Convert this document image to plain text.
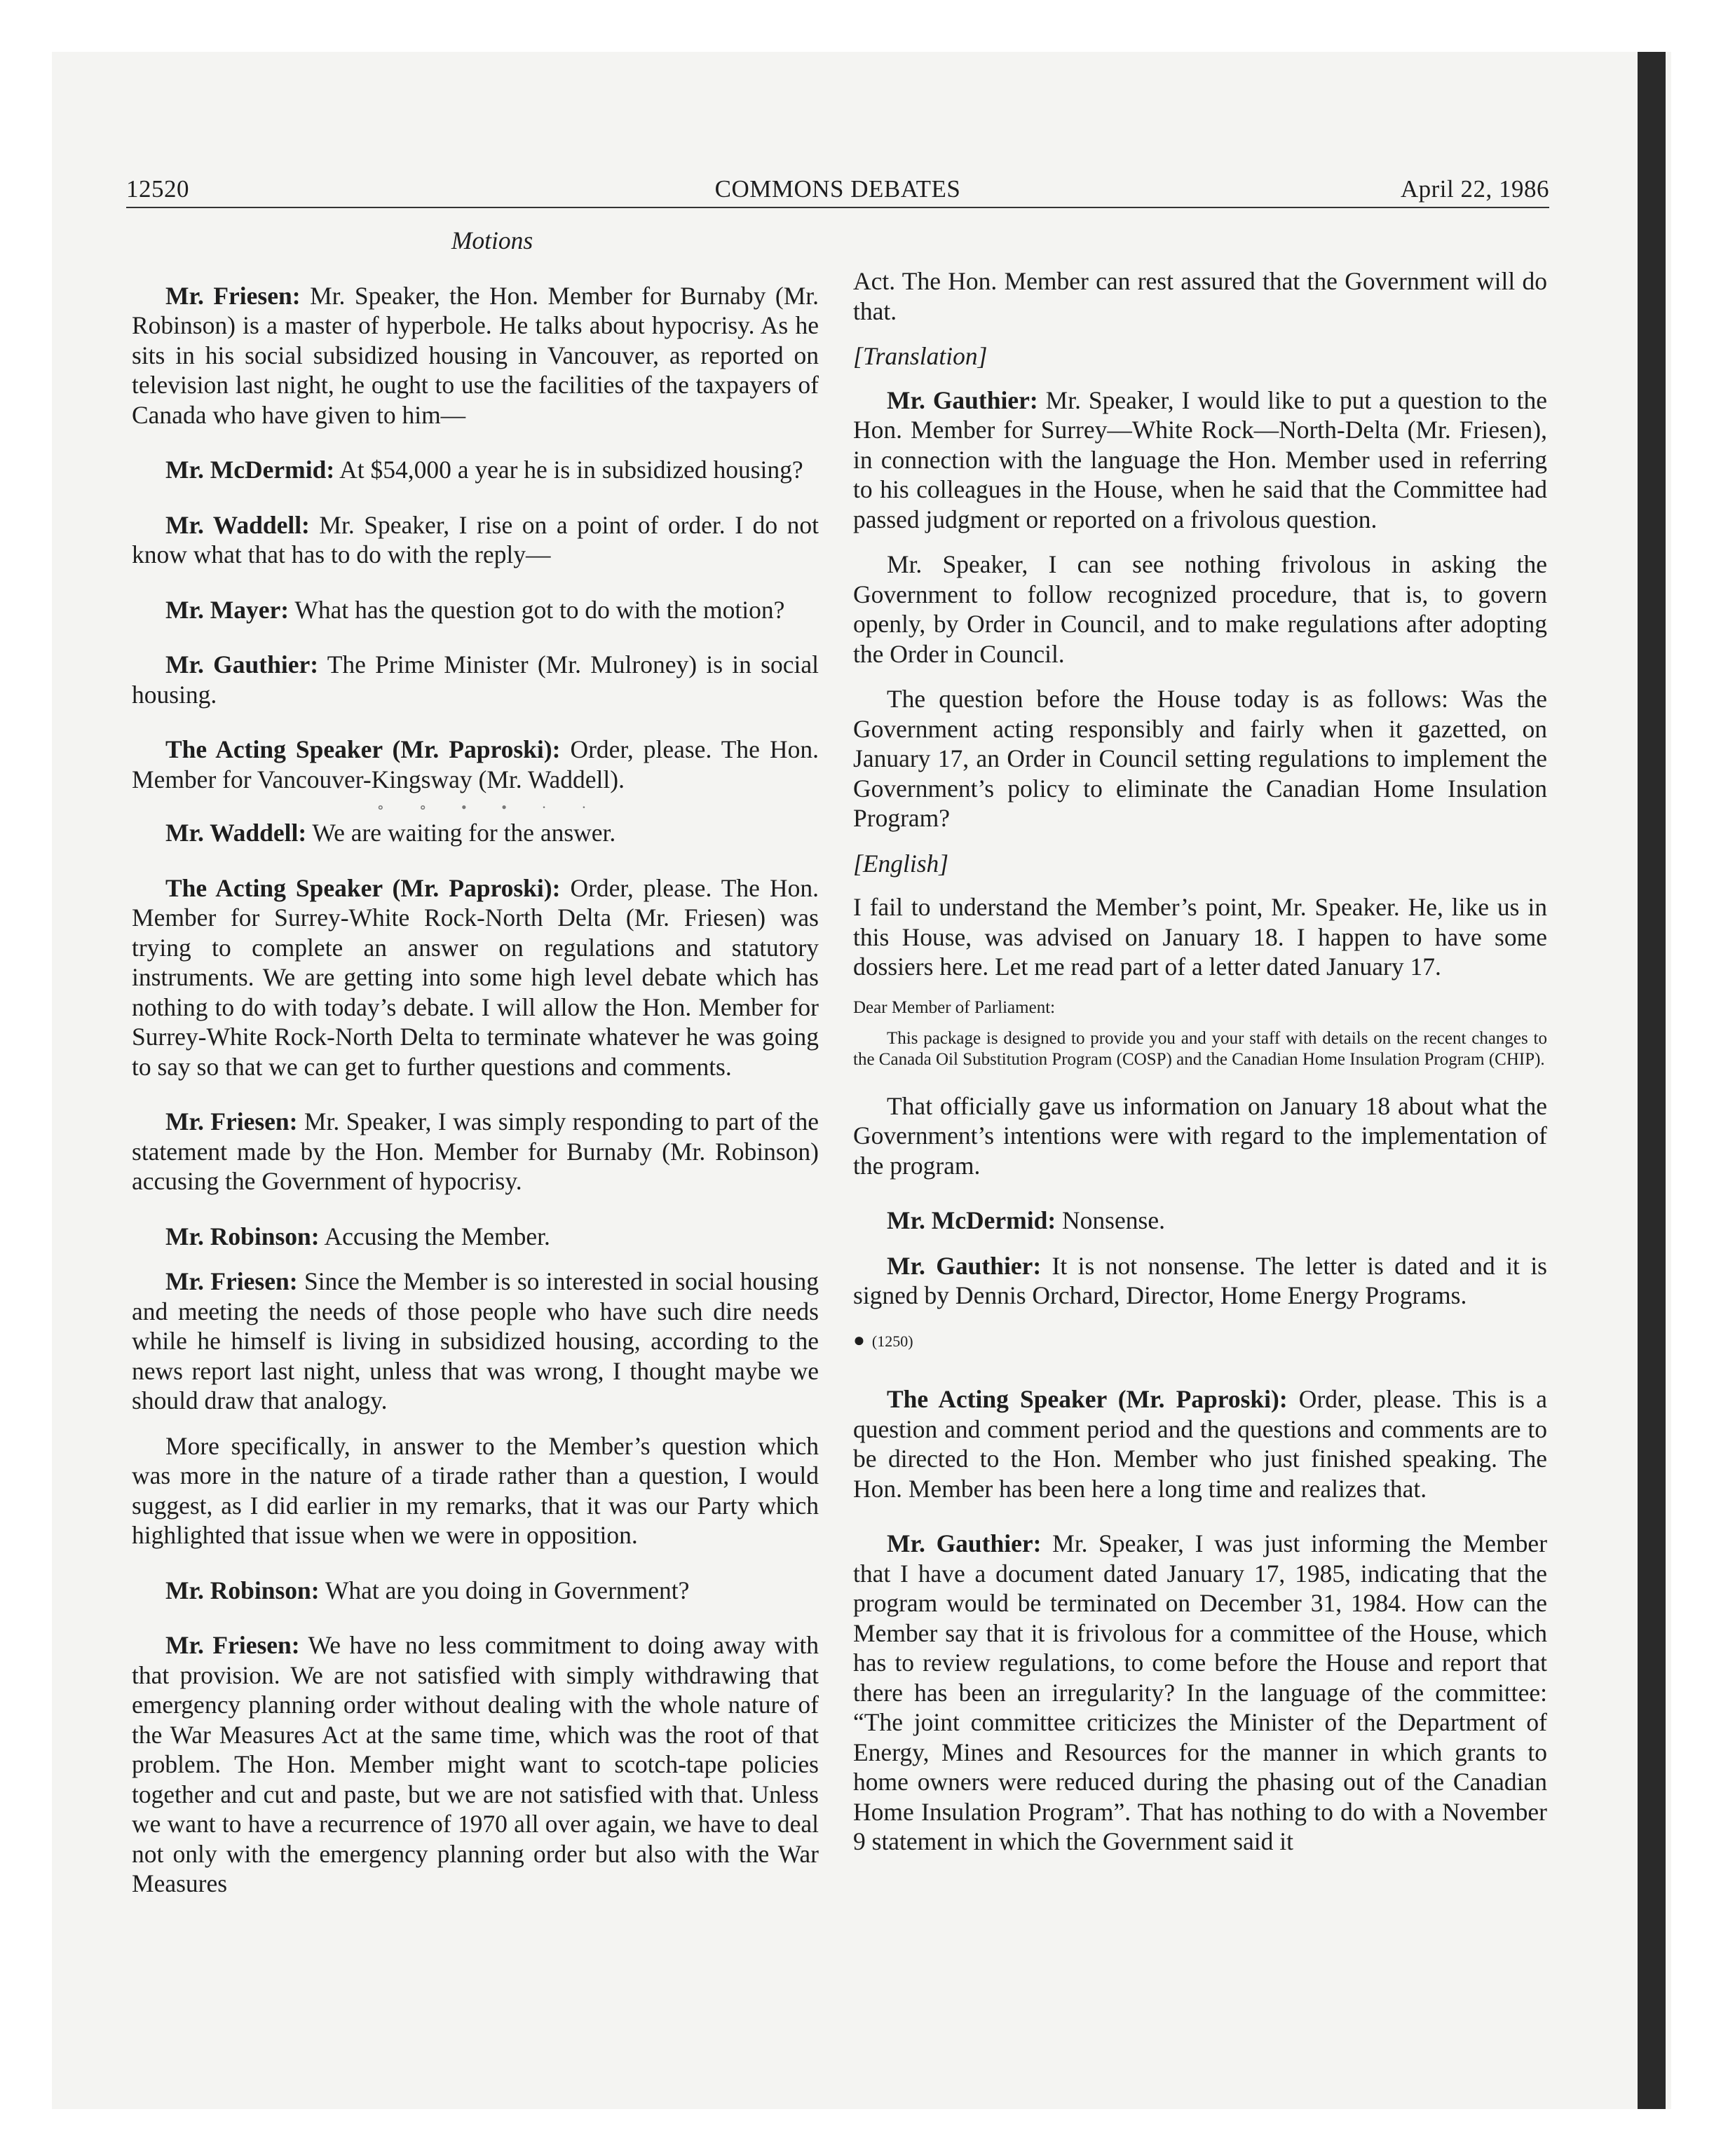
12520	COMMONS DEBATES	April 22, 1986

Motions

Mr. Friesen: Mr. Speaker, the Hon. Member for Burnaby (Mr. Robinson) is a master of hyperbole. He talks about hypocrisy. As he sits in his social subsidized housing in Vancouver, as reported on television last night, he ought to use the facilities of the taxpayers of Canada who have given to him—

Mr. McDermid: At $54,000 a year he is in subsidized housing?

Mr. Waddell: Mr. Speaker, I rise on a point of order. I do not know what that has to do with the reply—

Mr. Mayer: What has the question got to do with the motion?

Mr. Gauthier: The Prime Minister (Mr. Mulroney) is in social housing.

The Acting Speaker (Mr. Paproski): Order, please. The Hon. Member for Vancouver-Kingsway (Mr. Waddell).

∘ ∘ • • · ·

Mr. Waddell: We are waiting for the answer.

The Acting Speaker (Mr. Paproski): Order, please. The Hon. Member for Surrey-White Rock-North Delta (Mr. Friesen) was trying to complete an answer on regulations and statutory instruments. We are getting into some high level debate which has nothing to do with today’s debate. I will allow the Hon. Member for Surrey-White Rock-North Delta to terminate whatever he was going to say so that we can get to further questions and comments.

Mr. Friesen: Mr. Speaker, I was simply responding to part of the statement made by the Hon. Member for Burnaby (Mr. Robinson) accusing the Government of hypocrisy.

Mr. Robinson: Accusing the Member.

Mr. Friesen: Since the Member is so interested in social housing and meeting the needs of those people who have such dire needs while he himself is living in subsidized housing, according to the news report last night, unless that was wrong, I thought maybe we should draw that analogy.

More specifically, in answer to the Member’s question which was more in the nature of a tirade rather than a question, I would suggest, as I did earlier in my remarks, that it was our Party which highlighted that issue when we were in opposition.

Mr. Robinson: What are you doing in Government?

Mr. Friesen: We have no less commitment to doing away with that provision. We are not satisfied with simply withdrawing that emergency planning order without dealing with the whole nature of the War Measures Act at the same time, which was the root of that problem. The Hon. Member might want to scotch-tape policies together and cut and paste, but we are not satisfied with that. Unless we want to have a recurrence of 1970 all over again, we have to deal not only with the emergency planning order but also with the War Measures

Act. The Hon. Member can rest assured that the Government will do that.

[Translation]

Mr. Gauthier: Mr. Speaker, I would like to put a question to the Hon. Member for Surrey—White Rock—North-Delta (Mr. Friesen), in connection with the language the Hon. Member used in referring to his colleagues in the House, when he said that the Committee had passed judgment or reported on a frivolous question.

Mr. Speaker, I can see nothing frivolous in asking the Government to follow recognized procedure, that is, to govern openly, by Order in Council, and to make regulations after adopting the Order in Council.

The question before the House today is as follows: Was the Government acting responsibly and fairly when it gazetted, on January 17, an Order in Council setting regulations to implement the Government’s policy to eliminate the Canadian Home Insulation Program?

[English]

I fail to understand the Member’s point, Mr. Speaker. He, like us in this House, was advised on January 18. I happen to have some dossiers here. Let me read part of a letter dated January 17.

Dear Member of Parliament:

This package is designed to provide you and your staff with details on the recent changes to the Canada Oil Substitution Program (COSP) and the Canadian Home Insulation Program (CHIP).

That officially gave us information on January 18 about what the Government’s intentions were with regard to the implementation of the program.

Mr. McDermid: Nonsense.

Mr. Gauthier: It is not nonsense. The letter is dated and it is signed by Dennis Orchard, Director, Home Energy Programs.

● (1250)

The Acting Speaker (Mr. Paproski): Order, please. This is a question and comment period and the questions and comments are to be directed to the Hon. Member who just finished speaking. The Hon. Member has been here a long time and realizes that.

Mr. Gauthier: Mr. Speaker, I was just informing the Member that I have a document dated January 17, 1985, indicating that the program would be terminated on December 31, 1984. How can the Member say that it is frivolous for a committee of the House, which has to review regulations, to come before the House and report that there has been an irregularity? In the language of the committee: “The joint committee criticizes the Minister of the Department of Energy, Mines and Resources for the manner in which grants to home owners were reduced during the phasing out of the Canadian Home Insulation Program”. That has nothing to do with a November 9 statement in which the Government said it
